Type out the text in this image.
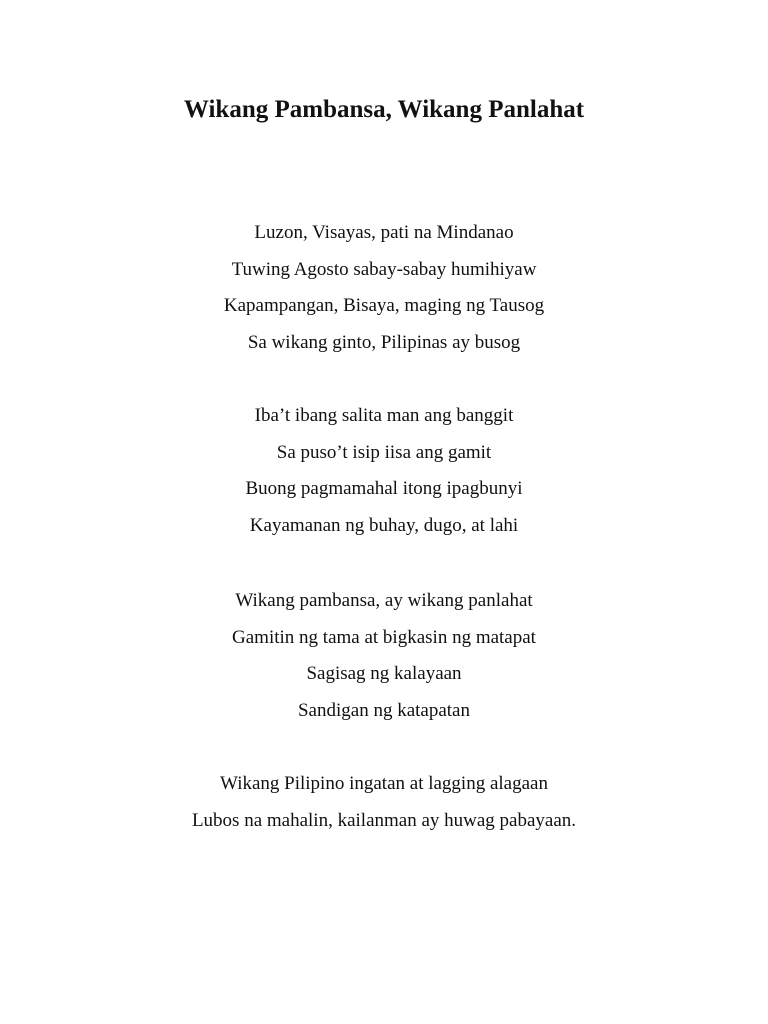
Wikang Pambansa, Wikang Panlahat
Luzon, Visayas, pati na Mindanao
Tuwing Agosto sabay-sabay humihiyaw
Kapampangan, Bisaya, maging ng Tausog
Sa wikang ginto, Pilipinas ay busog
Iba’t ibang salita man ang banggit
Sa puso’t isip iisa ang gamit
Buong pagmamahal itong ipagbunyi
Kayamanan ng buhay, dugo, at lahi
Wikang pambansa, ay wikang panlahat
Gamitin ng tama at bigkasin ng matapat
Sagisag ng kalayaan
Sandigan ng katapatan
Wikang Pilipino ingatan at lagging alagaan
Lubos na mahalin, kailanman ay huwag pabayaan.
